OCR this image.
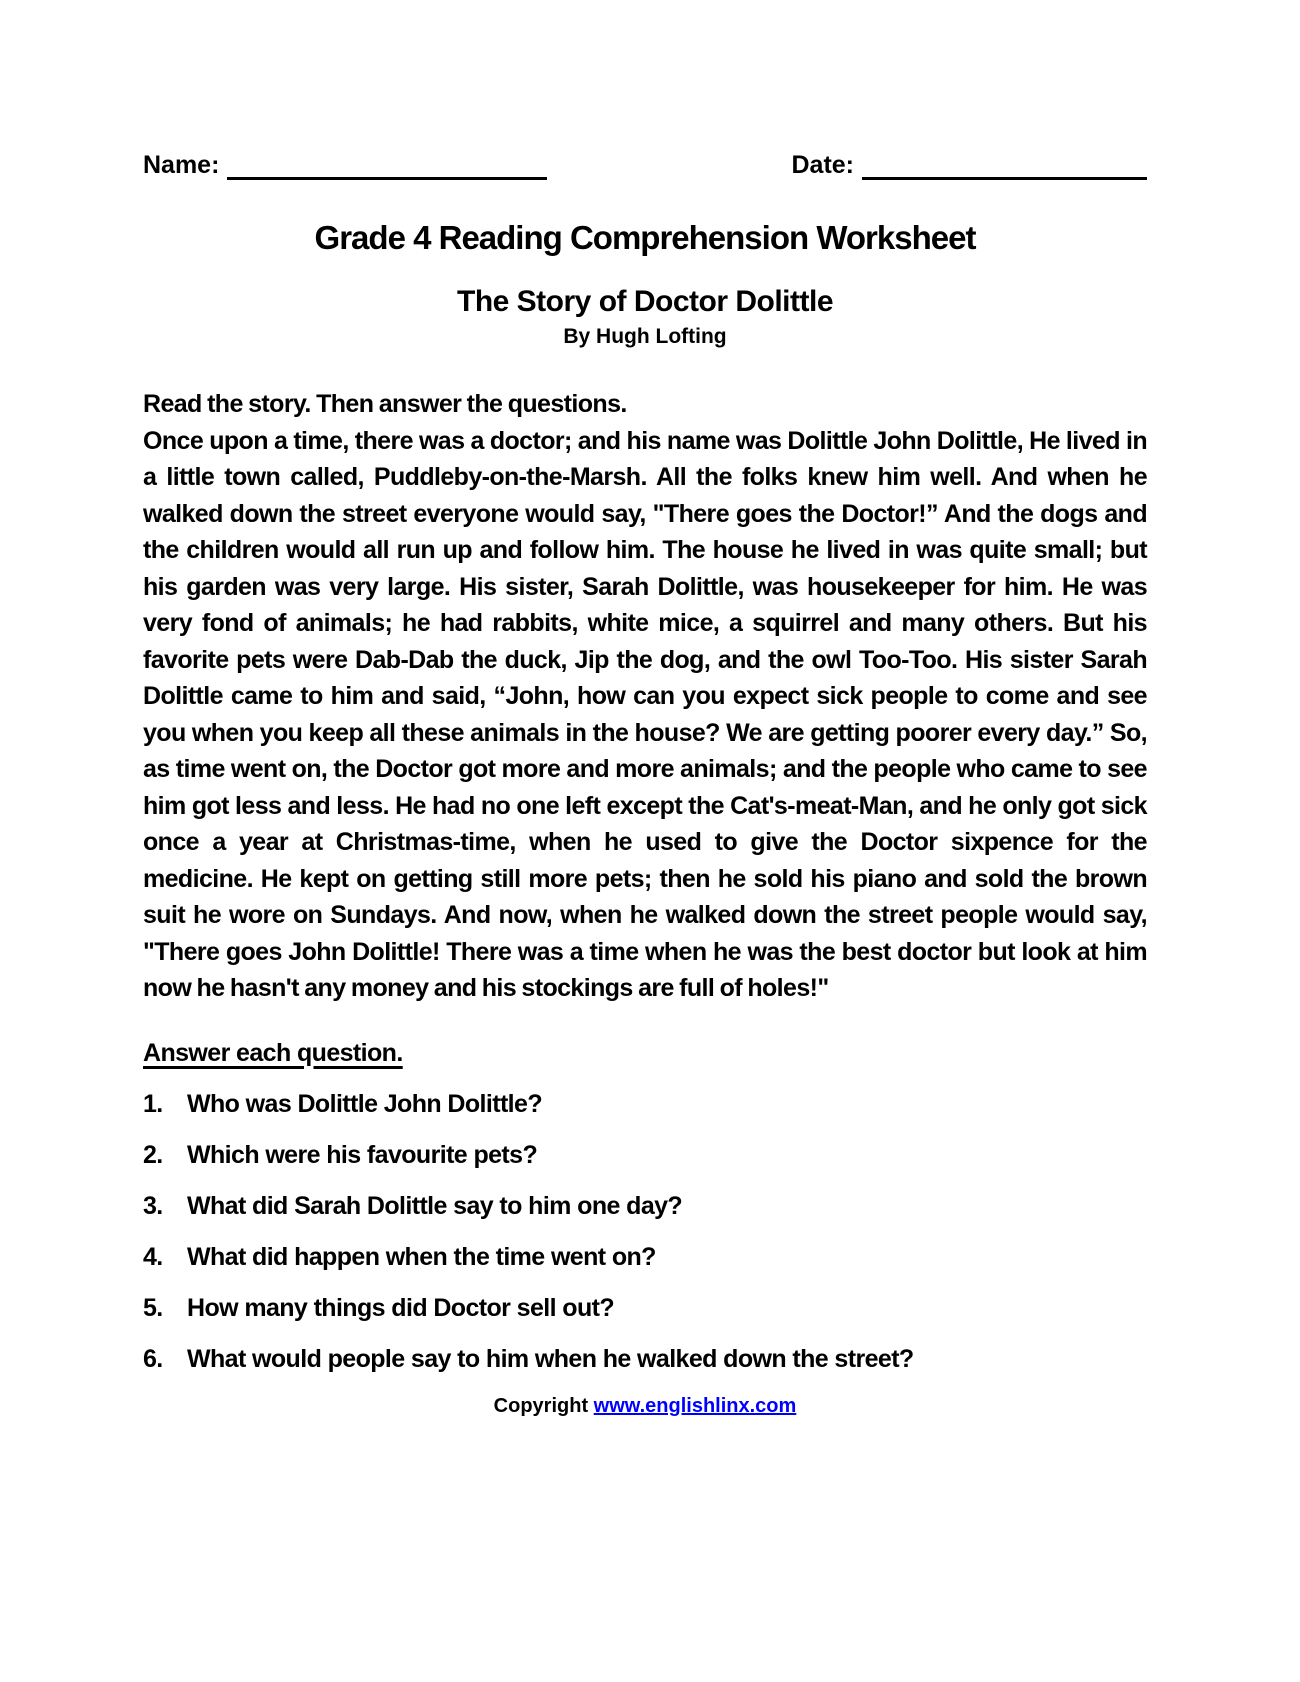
Name:	Date:
Grade 4 Reading Comprehension Worksheet
The Story of Doctor Dolittle
By Hugh Lofting

Read the story. Then answer the questions.

Once upon a time, there was a doctor; and his name was Dolittle John Dolittle, He lived in a little town called, Puddleby-on-the-Marsh. All the folks knew him well. And when he walked down the street everyone would say, "There goes the Doctor!” And the dogs and the children would all run up and follow him. The house he lived in was quite small; but his garden was very large. His sister, Sarah Dolittle, was housekeeper for him. He was very fond of animals; he had rabbits, white mice, a squirrel and many others. But his favorite pets were Dab-Dab the duck, Jip the dog, and the owl Too-Too. His sister Sarah Dolittle came to him and said, “John, how can you expect sick people to come and see you when you keep all these animals in the house? We are getting poorer every day.” So, as time went on, the Doctor got more and more animals; and the people who came to see him got less and less. He had no one left except the Cat's-meat-Man, and he only got sick once a year at Christmas-time, when he used to give the Doctor sixpence for the medicine. He kept on getting still more pets; then he sold his piano and sold the brown suit he wore on Sundays. And now, when he walked down the street people would say, "There goes John Dolittle! There was a time when he was the best doctor but look at him now he hasn't any money and his stockings are full of holes!"

Answer each question.
1. Who was Dolittle John Dolittle?
2. Which were his favourite pets?
3. What did Sarah Dolittle say to him one day?
4. What did happen when the time went on?
5. How many things did Doctor sell out?
6. What would people say to him when he walked down the street?
Copyright www.englishlinx.com
